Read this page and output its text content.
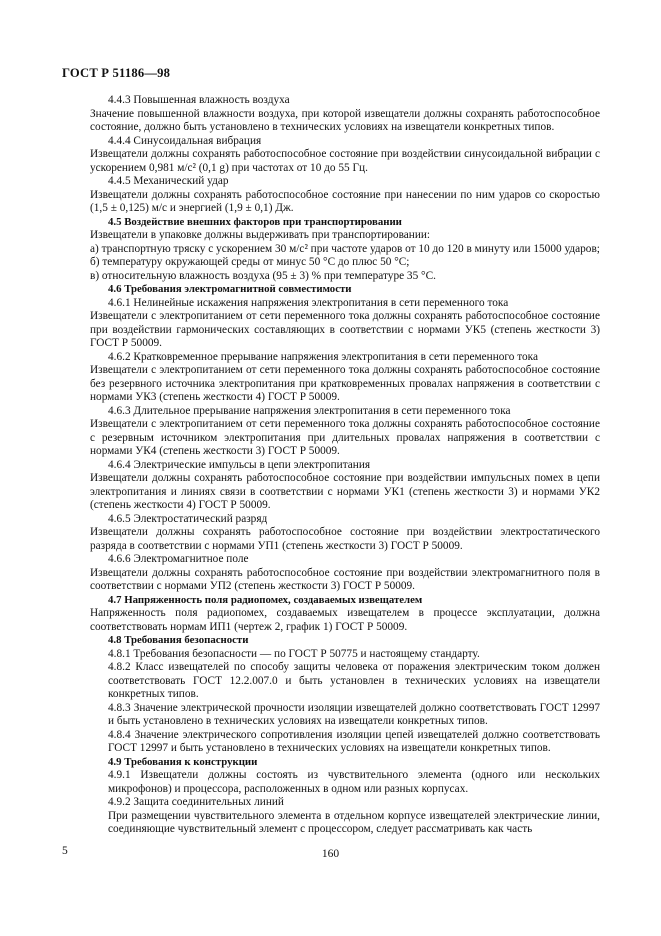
ГОСТ Р 51186—98

4.4.3 Повышенная влажность воздуха

Значение повышенной влажности воздуха, при которой извещатели должны сохранять работоспособное состояние, должно быть установлено в технических условиях на извещатели конкретных типов.

4.4.4 Синусоидальная вибрация

Извещатели должны сохранять работоспособное состояние при воздействии синусоидальной вибрации с ускорением 0,981 м/с² (0,1 g) при частотах от 10 до 55 Гц.

4.4.5 Механический удар

Извещатели должны сохранять работоспособное состояние при нанесении по ним ударов со скоростью (1,5 ± 0,125) м/с и энергией (1,9 ± 0,1) Дж.

4.5 Воздействие внешних факторов при транспортировании

Извещатели в упаковке должны выдерживать при транспортировании:

а) транспортную тряску с ускорением 30 м/с² при частоте ударов от 10 до 120 в минуту или 15000 ударов;

б) температуру окружающей среды от минус 50 °С до плюс 50 °С;

в) относительную влажность воздуха (95 ± 3) % при температуре 35 °С.

4.6 Требования электромагнитной совместимости

4.6.1 Нелинейные искажения напряжения электропитания в сети переменного тока

Извещатели с электропитанием от сети переменного тока должны сохранять работоспособное состояние при воздействии гармонических составляющих в соответствии с нормами УК5 (степень жесткости 3) ГОСТ Р 50009.

4.6.2 Кратковременное прерывание напряжения электропитания в сети переменного тока

Извещатели с электропитанием от сети переменного тока должны сохранять работоспособное состояние без резервного источника электропитания при кратковременных провалах напряжения в соответствии с нормами УК3 (степень жесткости 4) ГОСТ Р 50009.

4.6.3 Длительное прерывание напряжения электропитания в сети переменного тока

Извещатели с электропитанием от сети переменного тока должны сохранять работоспособное состояние с резервным источником электропитания при длительных провалах напряжения в соответствии с нормами УК4 (степень жесткости 3) ГОСТ Р 50009.

4.6.4 Электрические импульсы в цепи электропитания

Извещатели должны сохранять работоспособное состояние при воздействии импульсных помех в цепи электропитания и линиях связи в соответствии с нормами УК1 (степень жесткости 3) и нормами УК2 (степень жесткости 4) ГОСТ Р 50009.

4.6.5 Электростатический разряд

Извещатели должны сохранять работоспособное состояние при воздействии электростатического разряда в соответствии с нормами УП1 (степень жесткости 3) ГОСТ Р 50009.

4.6.6 Электромагнитное поле

Извещатели должны сохранять работоспособное состояние при воздействии электромагнитного поля в соответствии с нормами УП2 (степень жесткости 3) ГОСТ Р 50009.

4.7 Напряженность поля радиопомех, создаваемых извещателем

Напряженность поля радиопомех, создаваемых извещателем в процессе эксплуатации, должна соответствовать нормам ИП1 (чертеж 2, график 1) ГОСТ Р 50009.

4.8 Требования безопасности

4.8.1 Требования безопасности — по ГОСТ Р 50775 и настоящему стандарту.

4.8.2 Класс извещателей по способу защиты человека от поражения электрическим током должен соответствовать ГОСТ 12.2.007.0 и быть установлен в технических условиях на извещатели конкретных типов.

4.8.3 Значение электрической прочности изоляции извещателей должно соответствовать ГОСТ 12997 и быть установлено в технических условиях на извещатели конкретных типов.

4.8.4 Значение электрического сопротивления изоляции цепей извещателей должно соответствовать ГОСТ 12997 и быть установлено в технических условиях на извещатели конкретных типов.

4.9 Требования к конструкции

4.9.1 Извещатели должны состоять из чувствительного элемента (одного или нескольких микрофонов) и процессора, расположенных в одном или разных корпусах.

4.9.2 Защита соединительных линий

При размещении чувствительного элемента в отдельном корпусе извещателей электрические линии, соединяющие чувствительный элемент с процессором, следует рассматривать как часть

5	160
